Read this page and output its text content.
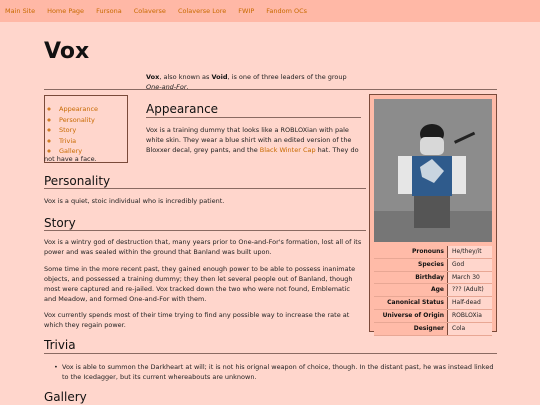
Main Site Home Page Fursona Colaverse Colaverse Lore FWIP Fandom OCs
Vox
◦ Appearance
◦ Personality
◦ Story
◦ Trivia
◦ Gallery
Vox, also known as Void, is one of three leaders of the group One-and-For.
Appearance
Vox is a training dummy that looks like a ROBLOXian with pale white skin. They wear a blue shirt with an edited version of the Bloxxer decal, grey pants, and the Black Winter Cap hat. They do
not have a face.
Personality
Vox is a quiet, stoic individual who is incredibly patient.
Story
Vox is a wintry god of destruction that, many years prior to One-and-For's formation, lost all of its power and was sealed within the ground that Banland was built upon.
Some time in the more recent past, they gained enough power to be able to possess inanimate objects, and possessed a training dummy; they then let several people out of Banland, though most were captured and re-jailed. Vox tracked down the two who were not found, Emblematic and Meadow, and formed One-and-For with them.
Vox currently spends most of their time trying to find any possible way to increase the rate at which they regain power.
Trivia
• Vox is able to summon the Darkheart at will; it is not his orignal weapon of choice, though. In the distant past, he was instead linked to the Icedagger, but its current whereabouts are unknown.
Gallery
Pronouns	He/they/it
Species	God
Birthday	March 30
Age	??? (Adult)
Canonical Status	Half-dead
Universe of Origin	ROBLOXia
Designer	Cola
